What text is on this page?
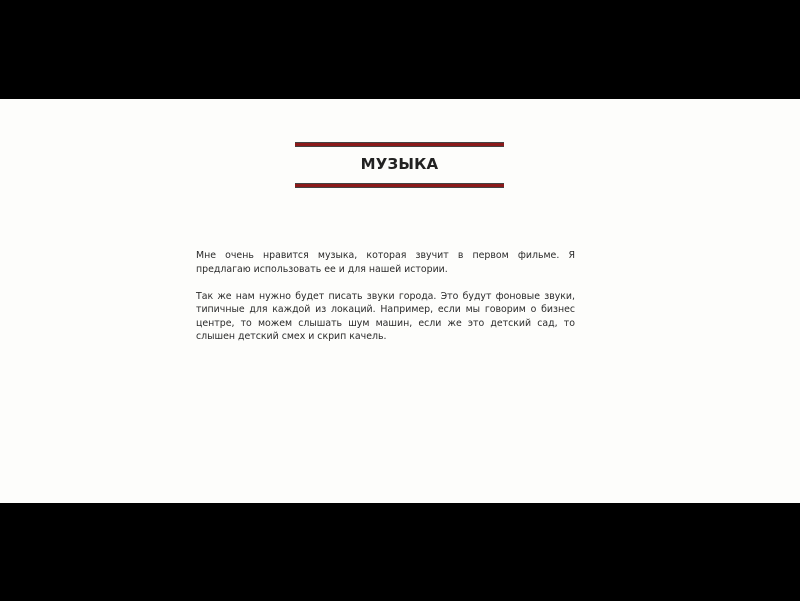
МУЗЫКА

Мне очень нравится музыка, которая звучит в первом фильме. Я предлагаю использовать ее и для нашей истории.

Так же нам нужно будет писать звуки города. Это будут фоновые звуки, типичные для каждой из локаций. Например, если мы говорим о бизнес центре, то можем слышать шум машин, если же это детский сад, то слышен детский смех и скрип качель.
